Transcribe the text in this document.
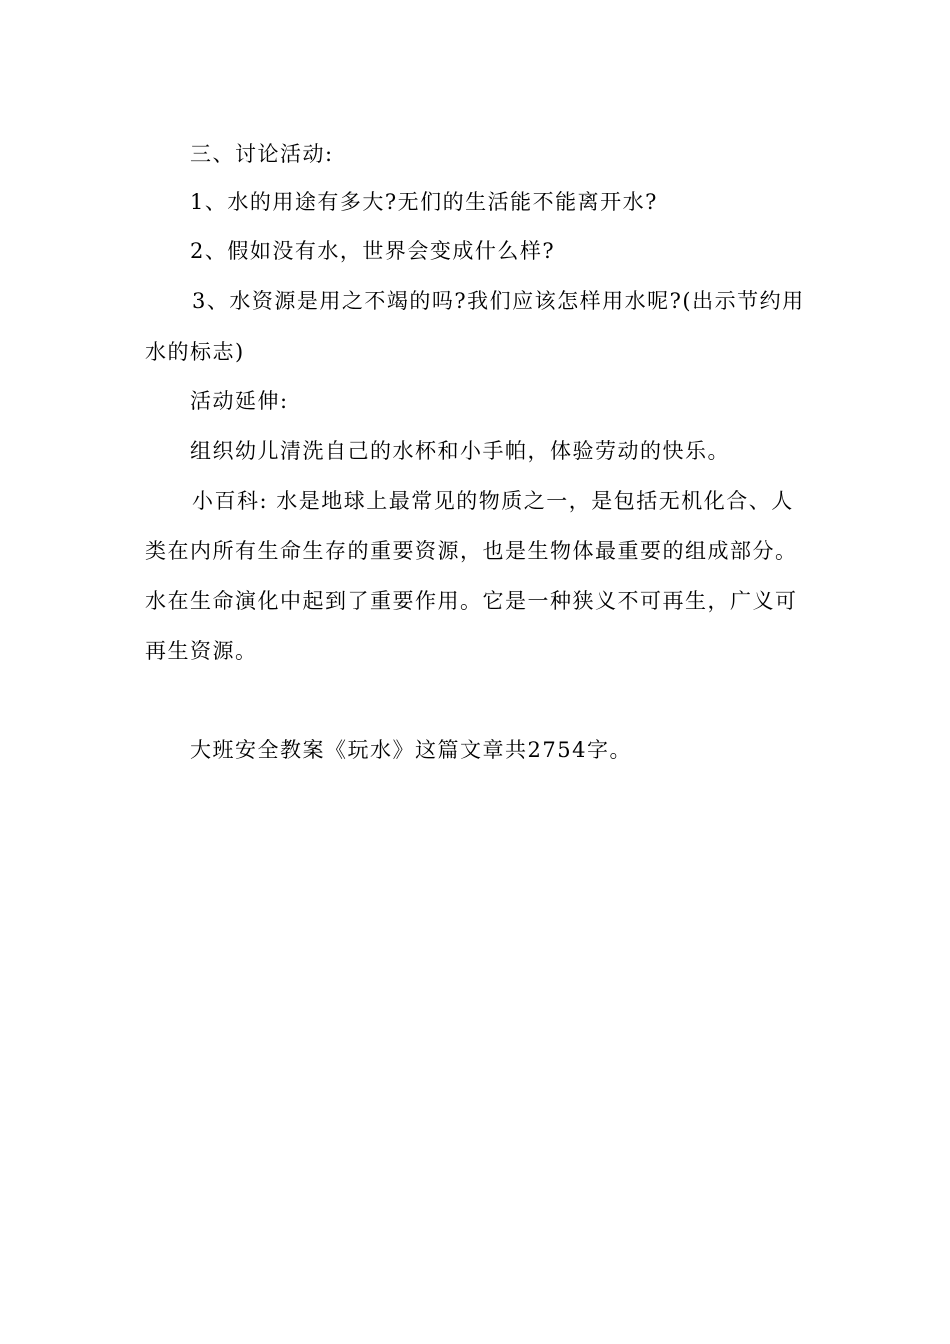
三、讨论活动:
1、水的用途有多大?无们的生活能不能离开水?
2、假如没有水，世界会变成什么样?
3、水资源是用之不竭的吗?我们应该怎样用水呢?(出示节约用
水的标志)
活动延伸:
组织幼儿清洗自己的水杯和小手帕，体验劳动的快乐。
小百科: 水是地球上最常见的物质之一，是包括无机化合、人
类在内所有生命生存的重要资源，也是生物体最重要的组成部分。
水在生命演化中起到了重要作用。它是一种狭义不可再生，广义可
再生资源。
大班安全教案《玩水》这篇文章共2754字。
